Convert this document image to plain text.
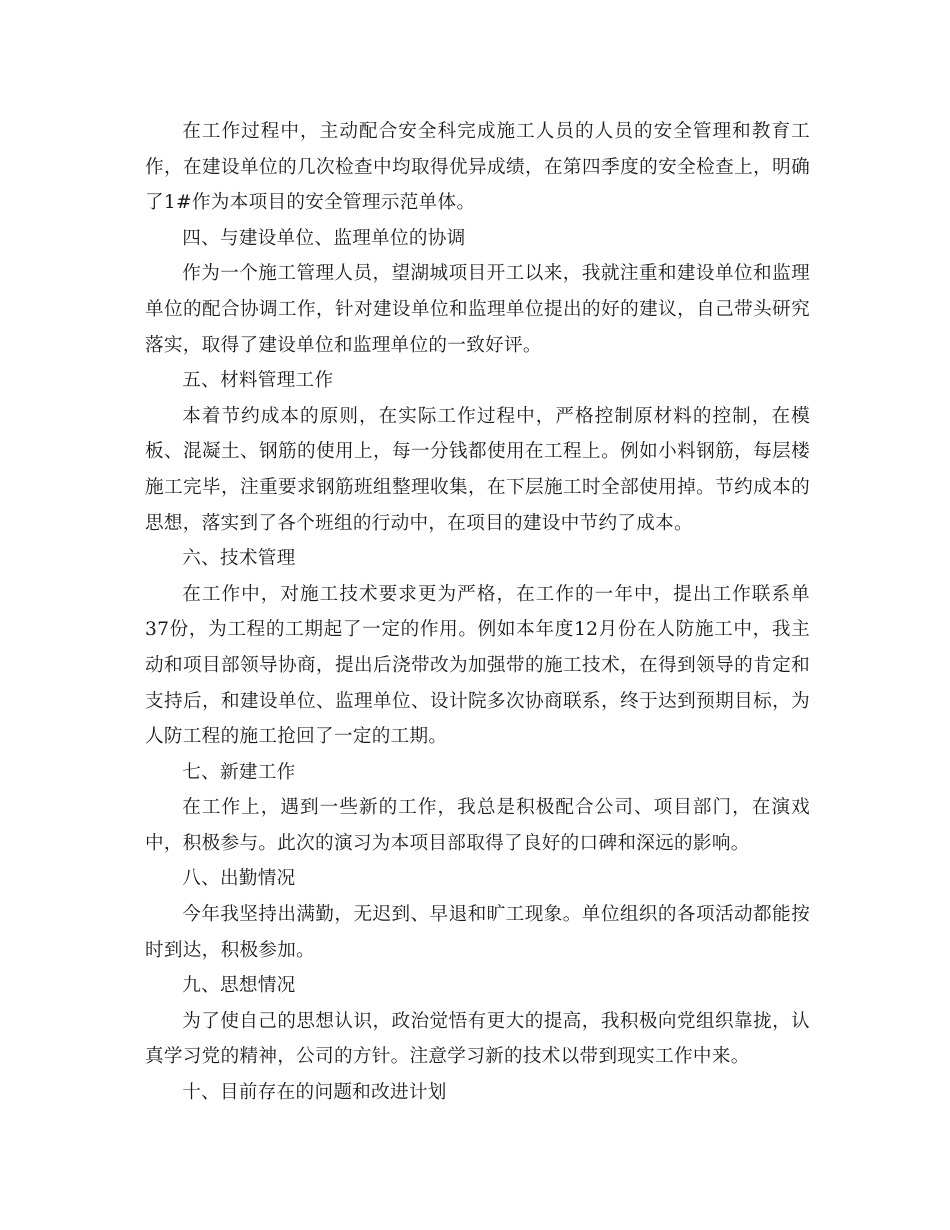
在工作过程中，主动配合安全科完成施工人员的人员的安全管理和教育工作，在建设单位的几次检查中均取得优异成绩，在第四季度的安全检查上，明确了1#作为本项目的安全管理示范单体。

四、与建设单位、监理单位的协调

作为一个施工管理人员，望湖城项目开工以来，我就注重和建设单位和监理单位的配合协调工作，针对建设单位和监理单位提出的好的建议，自己带头研究落实，取得了建设单位和监理单位的一致好评。

五、材料管理工作

本着节约成本的原则，在实际工作过程中，严格控制原材料的控制，在模板、混凝土、钢筋的使用上，每一分钱都使用在工程上。例如小料钢筋，每层楼施工完毕，注重要求钢筋班组整理收集，在下层施工时全部使用掉。节约成本的思想，落实到了各个班组的行动中，在项目的建设中节约了成本。

六、技术管理

在工作中，对施工技术要求更为严格，在工作的一年中，提出工作联系单37份，为工程的工期起了一定的作用。例如本年度12月份在人防施工中，我主动和项目部领导协商，提出后浇带改为加强带的施工技术，在得到领导的肯定和支持后，和建设单位、监理单位、设计院多次协商联系，终于达到预期目标，为人防工程的施工抢回了一定的工期。

七、新建工作

在工作上，遇到一些新的工作，我总是积极配合公司、项目部门，在演戏中，积极参与。此次的演习为本项目部取得了良好的口碑和深远的影响。

八、出勤情况

今年我坚持出满勤，无迟到、早退和旷工现象。单位组织的各项活动都能按时到达，积极参加。

九、思想情况

为了使自己的思想认识，政治觉悟有更大的提高，我积极向党组织靠拢，认真学习党的精神，公司的方针。注意学习新的技术以带到现实工作中来。

十、目前存在的问题和改进计划
